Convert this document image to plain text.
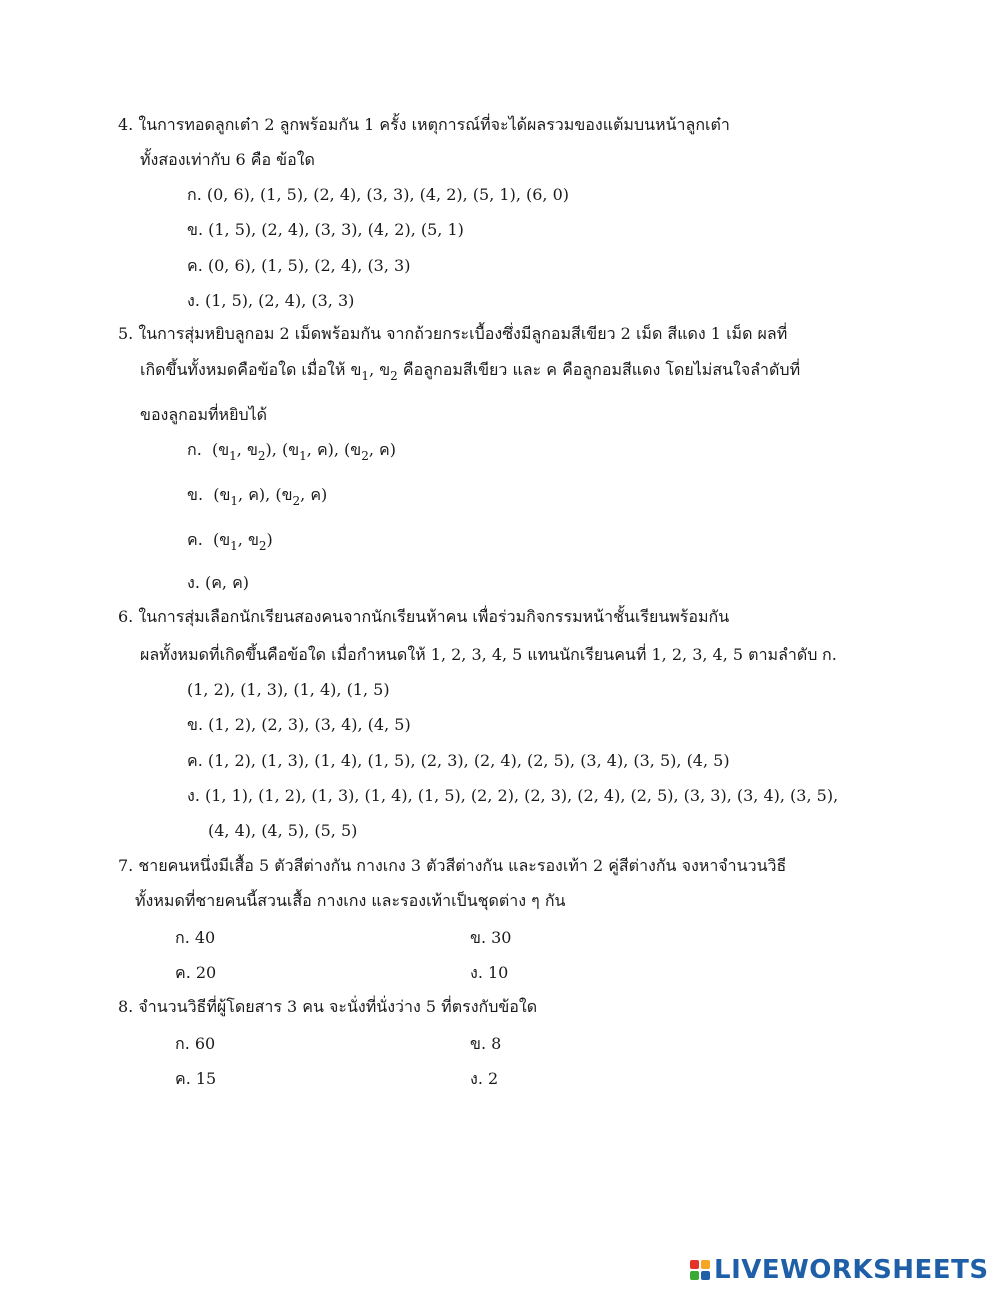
4. ในการทอดลูกเต๋า 2 ลูกพร้อมกัน 1 ครั้ง เหตุการณ์ที่จะได้ผลรวมของแต้มบนหน้าลูกเต๋า
ทั้งสองเท่ากับ 6 คือ ข้อใด
ก. (0, 6), (1, 5), (2, 4), (3, 3), (4, 2), (5, 1), (6, 0)
ข. (1, 5), (2, 4), (3, 3), (4, 2), (5, 1)
ค. (0, 6), (1, 5), (2, 4), (3, 3)
ง. (1, 5), (2, 4), (3, 3)
5. ในการสุ่มหยิบลูกอม 2 เม็ดพร้อมกัน จากถ้วยกระเบื้องซึ่งมีลูกอมสีเขียว 2 เม็ด สีแดง 1 เม็ด ผลที่
เกิดขึ้นทั้งหมดคือข้อใด เมื่อให้ ข$_1$, ข$_2$ คือลูกอมสีเขียว และ ค คือลูกอมสีแดง โดยไม่สนใจลำดับที่
ของลูกอมที่หยิบได้
ก.  (ข$_1$, ข$_2$), (ข$_1$, ค), (ข$_2$, ค)
ข.  (ข$_1$, ค), (ข$_2$, ค)
ค.  (ข$_1$, ข$_2$)
ง. (ค, ค)
6. ในการสุ่มเลือกนักเรียนสองคนจากนักเรียนห้าคน เพื่อร่วมกิจกรรมหน้าชั้นเรียนพร้อมกัน
ผลทั้งหมดที่เกิดขึ้นคือข้อใด เมื่อกำหนดให้ 1, 2, 3, 4, 5 แทนนักเรียนคนที่ 1, 2, 3, 4, 5 ตามลำดับ ก.
(1, 2), (1, 3), (1, 4), (1, 5)
ข. (1, 2), (2, 3), (3, 4), (4, 5)
ค. (1, 2), (1, 3), (1, 4), (1, 5), (2, 3), (2, 4), (2, 5), (3, 4), (3, 5), (4, 5)
ง. (1, 1), (1, 2), (1, 3), (1, 4), (1, 5), (2, 2), (2, 3), (2, 4), (2, 5), (3, 3), (3, 4), (3, 5),
(4, 4), (4, 5), (5, 5)
7. ชายคนหนึ่งมีเสื้อ 5 ตัวสีต่างกัน กางเกง 3 ตัวสีต่างกัน และรองเท้า 2 คู่สีต่างกัน จงหาจำนวนวิธี
ทั้งหมดที่ชายคนนี้สวนเสื้อ กางเกง และรองเท้าเป็นชุดต่าง ๆ กัน
ก. 40	ข. 30
ค. 20	ง. 10
8. จำนวนวิธีที่ผู้โดยสาร 3 คน จะนั่งที่นั่งว่าง 5 ที่ตรงกับข้อใด
ก. 60	ข. 8
ค. 15	ง. 2
LIVEWORKSHEETS
